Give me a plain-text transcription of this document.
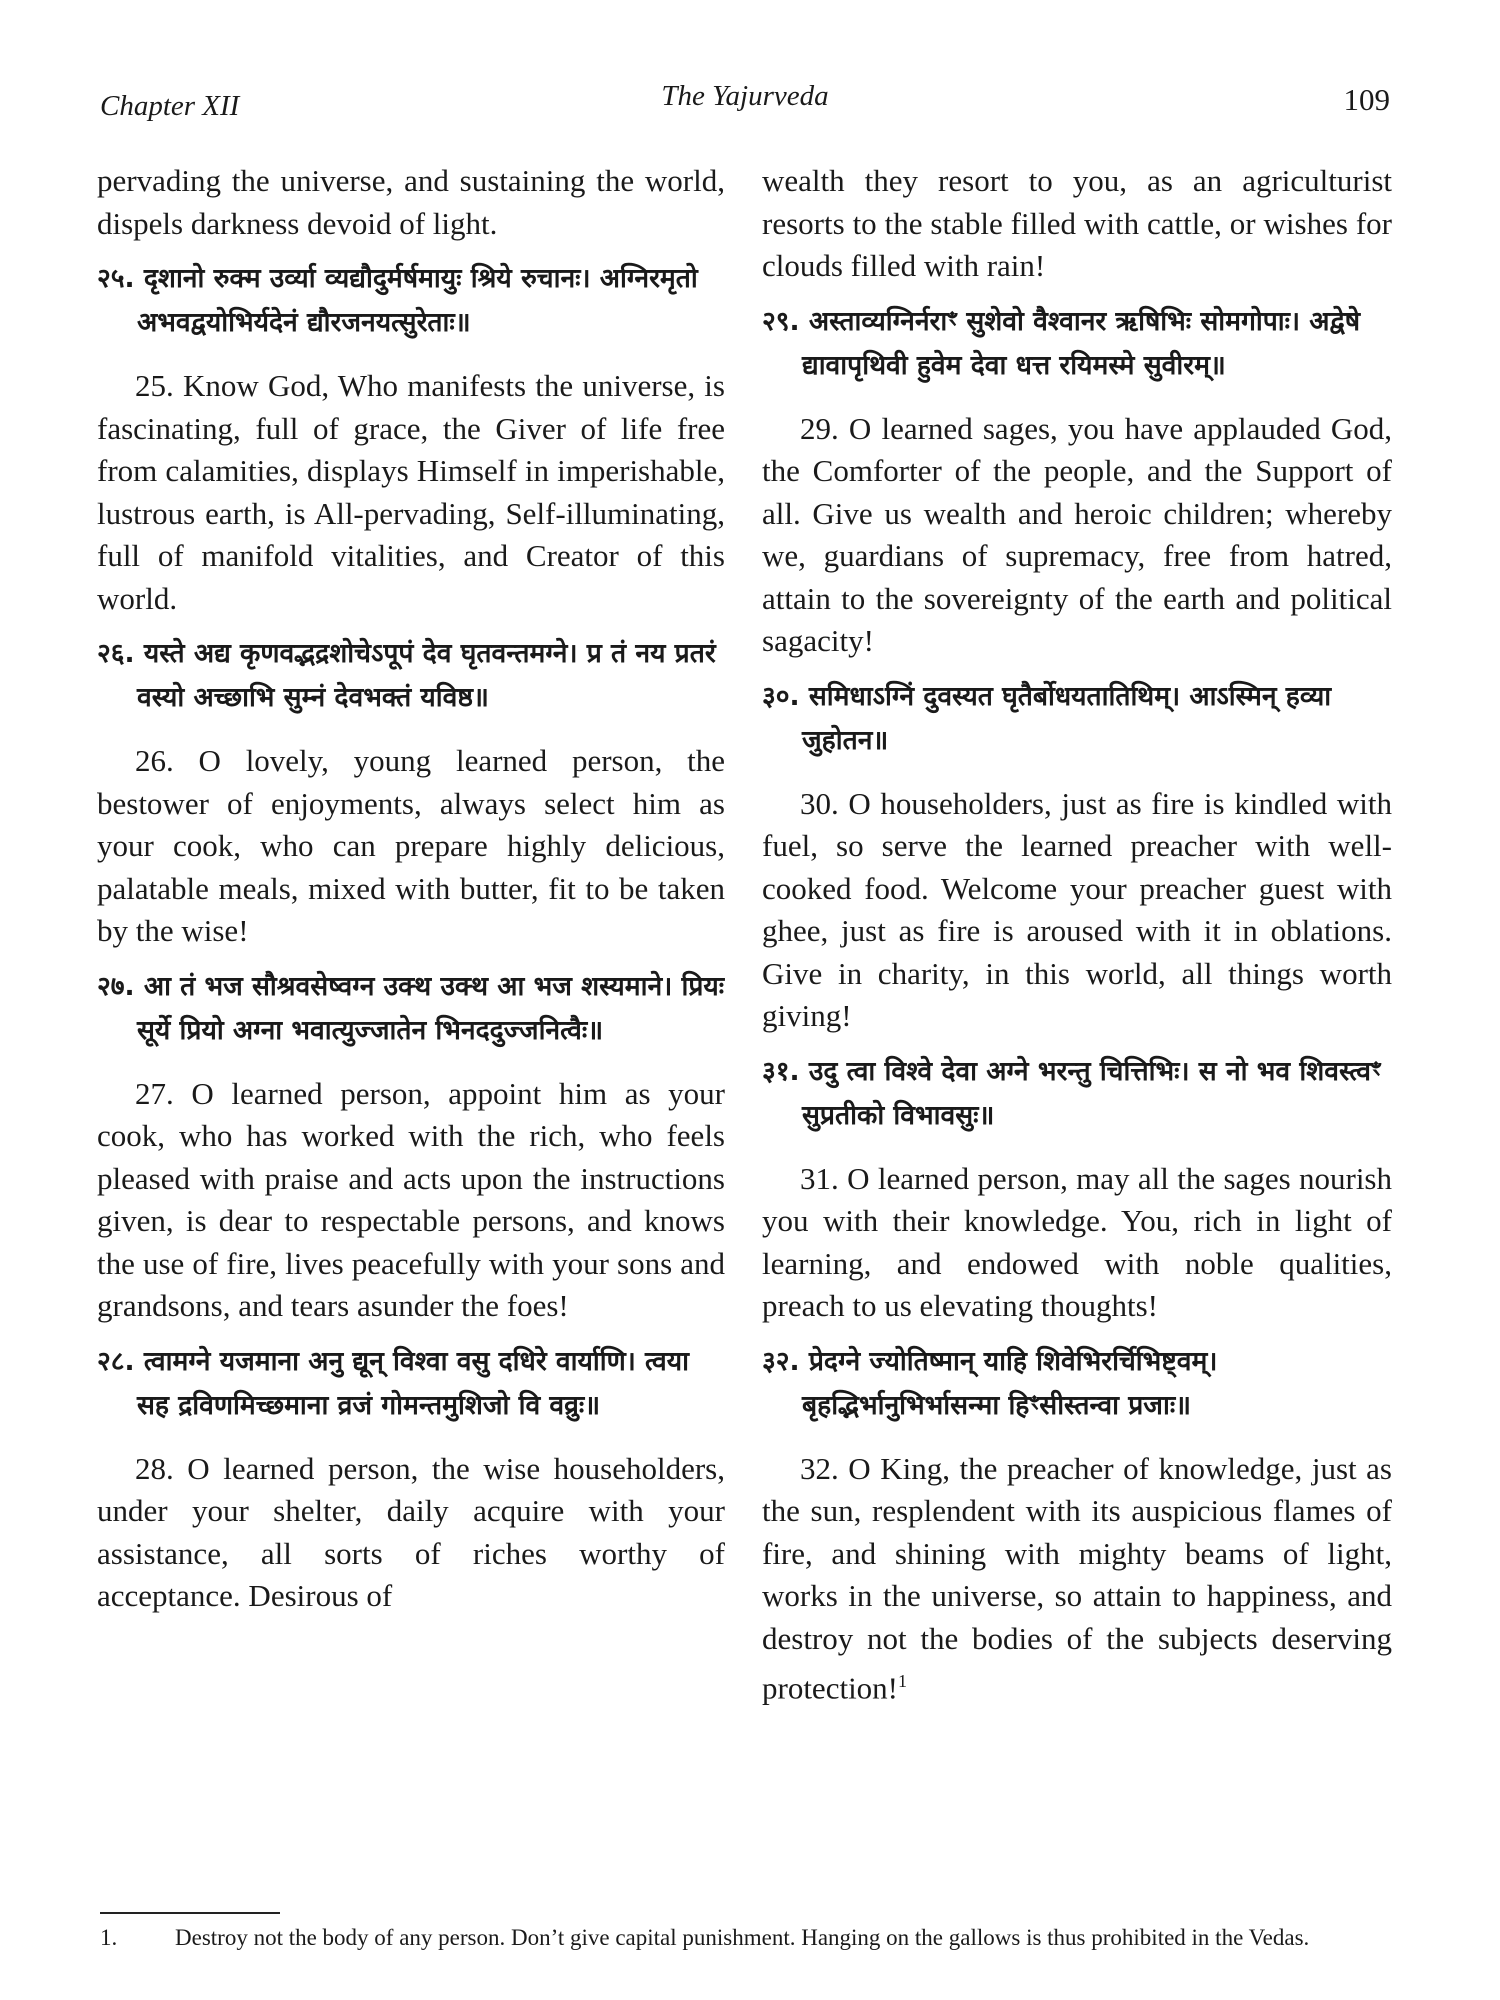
Chapter XII	The Yajurveda	109

pervading the universe, and sustaining the world, dispels darkness devoid of light.

२५. दृशानो रुक्म उर्व्या व्यद्यौदुर्मर्षमायुः श्रिये रुचानः। अग्निरमृतो अभवद्वयोभिर्यदेनं द्यौरजनयत्सुरेताः॥

25. Know God, Who manifests the universe, is fascinating, full of grace, the Giver of life free from calamities, displays Himself in imperishable, lustrous earth, is All-pervading, Self-illuminating, full of manifold vitalities, and Creator of this world.

२६. यस्ते अद्य कृणवद्भद्रशोचेऽपूपं देव घृतवन्तमग्ने। प्र तं नय प्रतरं वस्यो अच्छाभि सुम्नं देवभक्तं यविष्ठ॥

26. O lovely, young learned person, the bestower of enjoyments, always select him as your cook, who can prepare highly delicious, palatable meals, mixed with butter, fit to be taken by the wise!

२७. आ तं भज सौश्रवसेष्वग्न उक्थ उक्थ आ भज शस्यमाने। प्रियः सूर्ये प्रियो अग्ना भवात्युज्जातेन भिनददुज्जनित्वैः॥

27. O learned person, appoint him as your cook, who has worked with the rich, who feels pleased with praise and acts upon the instructions given, is dear to respectable persons, and knows the use of fire, lives peacefully with your sons and grandsons, and tears asunder the foes!

२८. त्वामग्ने यजमाना अनु द्यून् विश्वा वसु दधिरे वार्याणि। त्वया सह द्रविणमिच्छमाना व्रजं गोमन्तमुशिजो वि वव्रुः॥

28. O learned person, the wise householders, under your shelter, daily acquire with your assistance, all sorts of riches worthy of acceptance. Desirous of

wealth they resort to you, as an agriculturist resorts to the stable filled with cattle, or wishes for clouds filled with rain!

२९. अस्ताव्यग्निर्नराꣳ सुशेवो वैश्वानर ऋषिभिः सोमगोपाः। अद्वेषे द्यावापृथिवी हुवेम देवा धत्त रयिमस्मे सुवीरम्॥

29. O learned sages, you have applauded God, the Comforter of the people, and the Support of all. Give us wealth and heroic children; whereby we, guardians of supremacy, free from hatred, attain to the sovereignty of the earth and political sagacity!

३०. समिधाऽग्निं दुवस्यत घृतैर्बोधयतातिथिम्। आऽस्मिन् हव्या जुहोतन॥

30. O householders, just as fire is kindled with fuel, so serve the learned preacher with well-cooked food. Welcome your preacher guest with ghee, just as fire is aroused with it in oblations. Give in charity, in this world, all things worth giving!

३१. उदु त्वा विश्वे देवा अग्ने भरन्तु चित्तिभिः। स नो भव शिवस्त्वꣳ सुप्रतीको विभावसुः॥

31. O learned person, may all the sages nourish you with their knowledge. You, rich in light of learning, and endowed with noble qualities, preach to us elevating thoughts!

३२. प्रेदग्ने ज्योतिष्मान् याहि शिवेभिरर्चिभिष्ट्वम्। बृहद्भिर्भानुभिर्भासन्मा हिꣳसीस्तन्वा प्रजाः॥

32. O King, the preacher of knowledge, just as the sun, resplendent with its auspicious flames of fire, and shining with mighty beams of light, works in the universe, so attain to happiness, and destroy not the bodies of the subjects deserving protection!$^1$

1.	Destroy not the body of any person. Don’t give capital punishment. Hanging on the gallows is thus prohibited in the Vedas.
